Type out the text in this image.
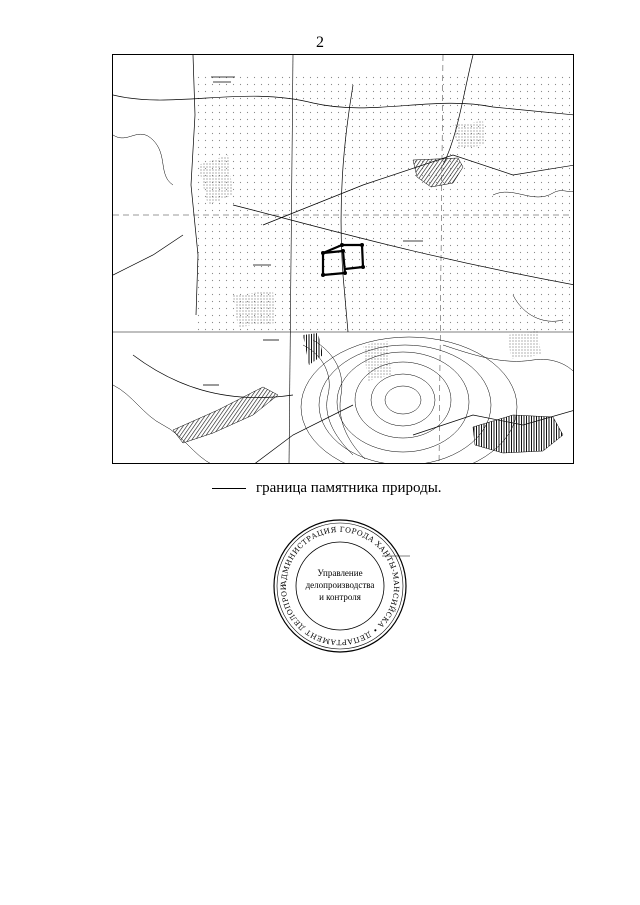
2
граница памятника природы.
АДМИНИСТРАЦИЯ ГОРОДА ХАНТЫ-МАНСИЙСКА • ДЕПАРТАМЕНТ ДЕЛОПРОИ
Управление
делопроизводства
и контроля
